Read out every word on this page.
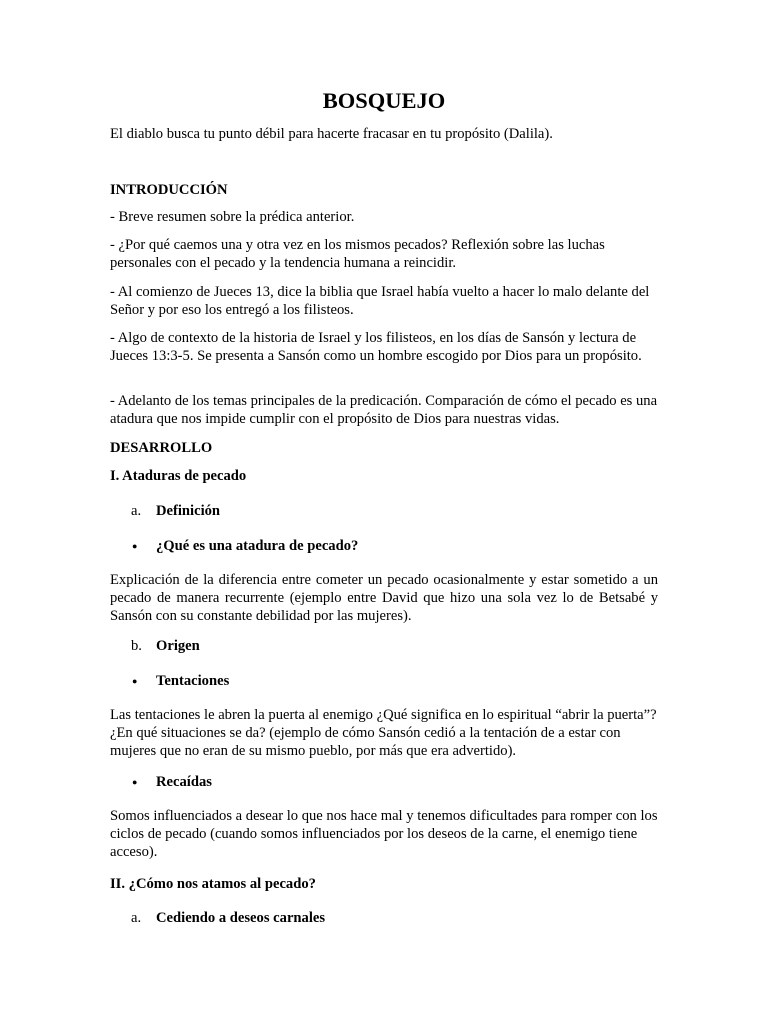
BOSQUEJO

El diablo busca tu punto débil para hacerte fracasar en tu propósito (Dalila).

INTRODUCCIÓN

- Breve resumen sobre la prédica anterior.

- ¿Por qué caemos una y otra vez en los mismos pecados? Reflexión sobre las luchas personales con el pecado y la tendencia humana a reincidir.

- Al comienzo de Jueces 13, dice la biblia que Israel había vuelto a hacer lo malo delante del Señor y por eso los entregó a los filisteos.

- Algo de contexto de la historia de Israel y los filisteos, en los días de Sansón y lectura de Jueces 13:3-5. Se presenta a Sansón como un hombre escogido por Dios para un propósito.

- Adelanto de los temas principales de la predicación. Comparación de cómo el pecado es una atadura que nos impide cumplir con el propósito de Dios para nuestras vidas.

DESARROLLO

I. Ataduras de pecado

a.	Definición
● ¿Qué es una atadura de pecado?

Explicación de la diferencia entre cometer un pecado ocasionalmente y estar sometido a un pecado de manera recurrente (ejemplo entre David que hizo una sola vez lo de Betsabé y Sansón con su constante debilidad por las mujeres).

b. Origen
● Tentaciones

Las tentaciones le abren la puerta al enemigo ¿Qué significa en lo espiritual “abrir la puerta”? ¿En qué situaciones se da? (ejemplo de cómo Sansón cedió a la tentación de a estar con mujeres que no eran de su mismo pueblo, por más que era advertido).

● Recaídas

Somos influenciados a desear lo que nos hace mal y tenemos dificultades para romper con los ciclos de pecado (cuando somos influenciados por los deseos de la carne, el enemigo tiene acceso).

II. ¿Cómo nos atamos al pecado?

a.	Cediendo a deseos carnales
